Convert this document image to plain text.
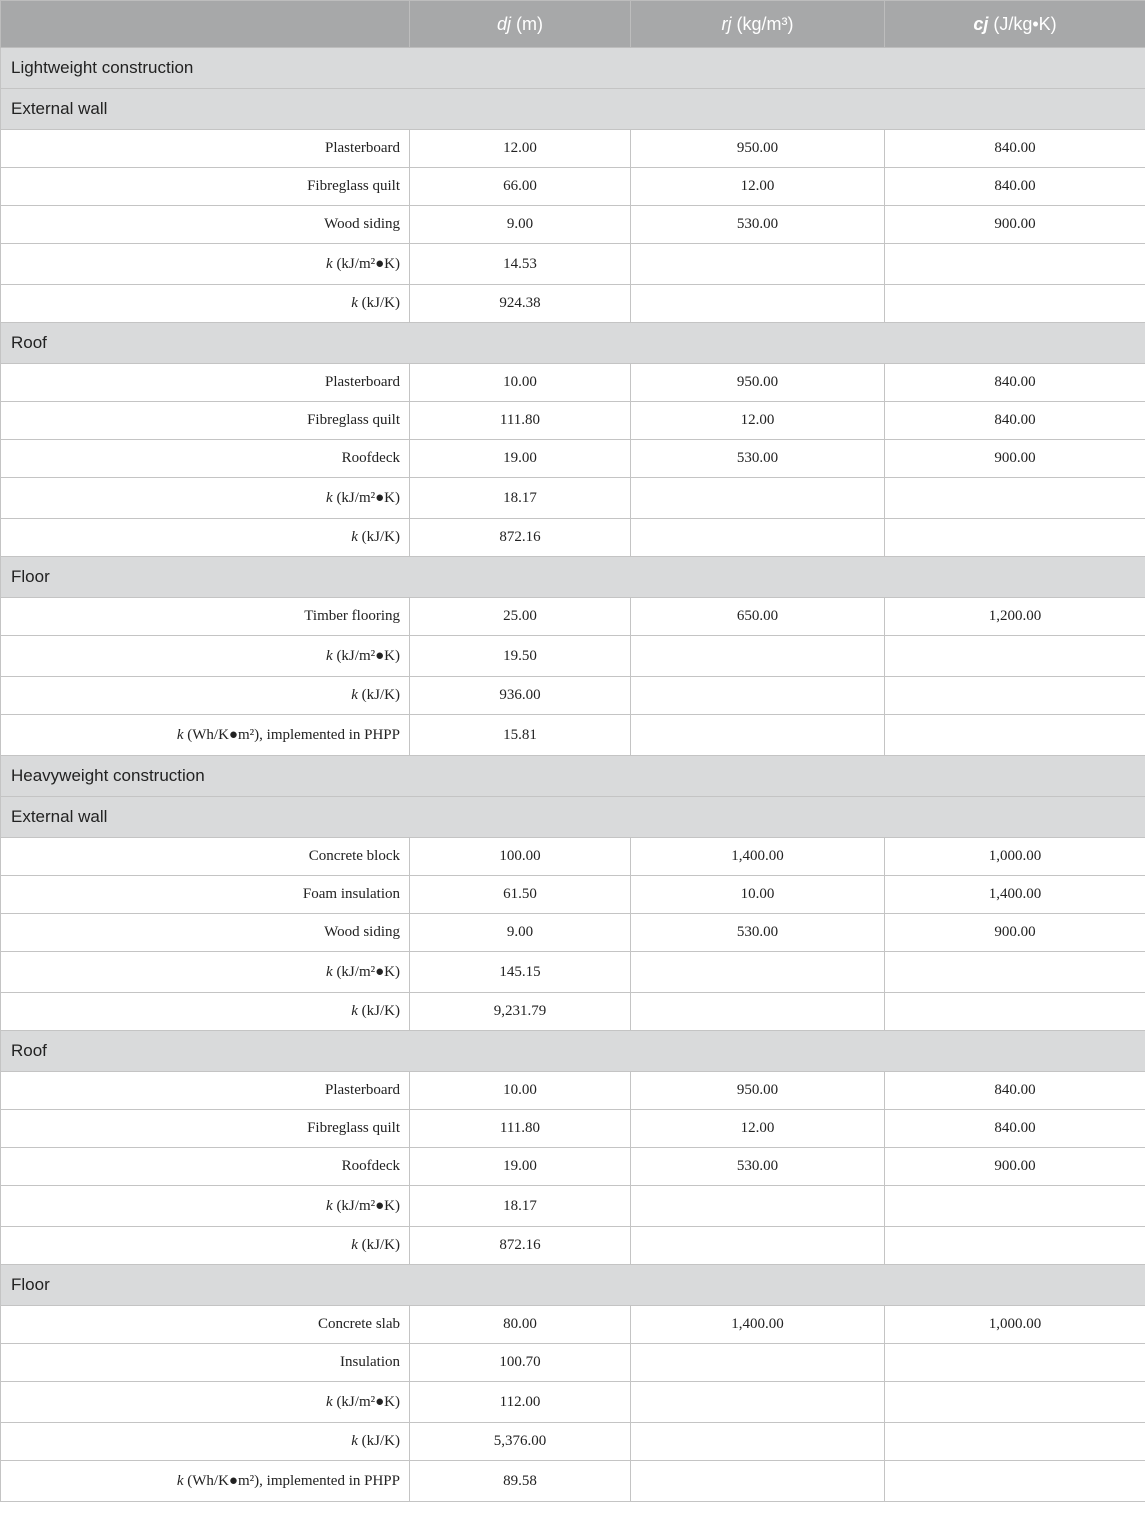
	dj (m)	rj (kg/m³)	cj (J/kg•K)
Lightweight construction			
External wall			
Plasterboard	12.00	950.00	840.00
Fibreglass quilt	66.00	12.00	840.00
Wood siding	9.00	530.00	900.00
k (kJ/m²●K)	14.53		
k (kJ/K)	924.38		
Roof			
Plasterboard	10.00	950.00	840.00
Fibreglass quilt	111.80	12.00	840.00
Roofdeck	19.00	530.00	900.00
k (kJ/m²●K)	18.17		
k (kJ/K)	872.16		
Floor			
Timber flooring	25.00	650.00	1,200.00
k (kJ/m²●K)	19.50		
k (kJ/K)	936.00		
k (Wh/K●m²), implemented in PHPP	15.81		
Heavyweight construction			
External wall			
Concrete block	100.00	1,400.00	1,000.00
Foam insulation	61.50	10.00	1,400.00
Wood siding	9.00	530.00	900.00
k (kJ/m²●K)	145.15		
k (kJ/K)	9,231.79		
Roof			
Plasterboard	10.00	950.00	840.00
Fibreglass quilt	111.80	12.00	840.00
Roofdeck	19.00	530.00	900.00
k (kJ/m²●K)	18.17		
k (kJ/K)	872.16		
Floor			
Concrete slab	80.00	1,400.00	1,000.00
Insulation	100.70		
k (kJ/m²●K)	112.00		
k (kJ/K)	5,376.00		
k (Wh/K●m²), implemented in PHPP	89.58		
